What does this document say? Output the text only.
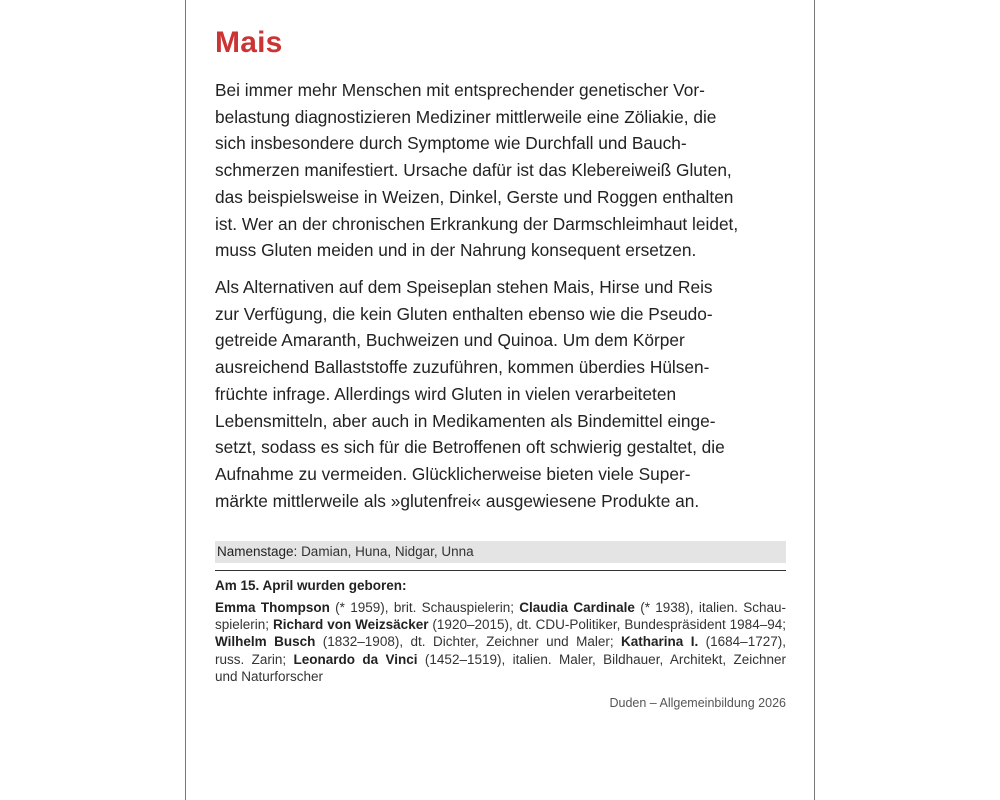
Mais

Bei immer mehr Menschen mit entsprechender genetischer Vor-
belastung diagnostizieren Mediziner mittlerweile eine Zöliakie, die
sich insbesondere durch Symptome wie Durchfall und Bauch-
schmerzen manifestiert. Ursache dafür ist das Klebereiweiß Gluten,
das beispielsweise in Weizen, Dinkel, Gerste und Roggen enthalten
ist. Wer an der chronischen Erkrankung der Darmschleimhaut leidet,
muss Gluten meiden und in der Nahrung konsequent ersetzen.

Als Alternativen auf dem Speiseplan stehen Mais, Hirse und Reis
zur Verfügung, die kein Gluten enthalten ebenso wie die Pseudo-
getreide Amaranth, Buchweizen und Quinoa. Um dem Körper
ausreichend Ballaststoffe zuzuführen, kommen überdies Hülsen-
früchte infrage. Allerdings wird Gluten in vielen verarbeiteten
Lebensmitteln, aber auch in Medikamenten als Bindemittel einge-
setzt, sodass es sich für die Betroffenen oft schwierig gestaltet, die
Aufnahme zu vermeiden. Glücklicherweise bieten viele Super-
märkte mittlerweile als »glutenfrei« ausgewiesene Produkte an.

Namenstage: Damian, Huna, Nidgar, Unna
Am 15. April wurden geboren:

Emma Thompson (* 1959), brit. Schauspielerin; Claudia Cardinale (* 1938), italien. Schau-
spielerin; Richard von Weizsäcker (1920–2015), dt. CDU-Politiker, Bundespräsident 1984–94;
Wilhelm Busch (1832–1908), dt. Dichter, Zeichner und Maler; Katharina I. (1684–1727),
russ. Zarin; Leonardo da Vinci (1452–1519), italien. Maler, Bildhauer, Architekt, Zeichner
und Naturforscher

Duden – Allgemeinbildung 2026
